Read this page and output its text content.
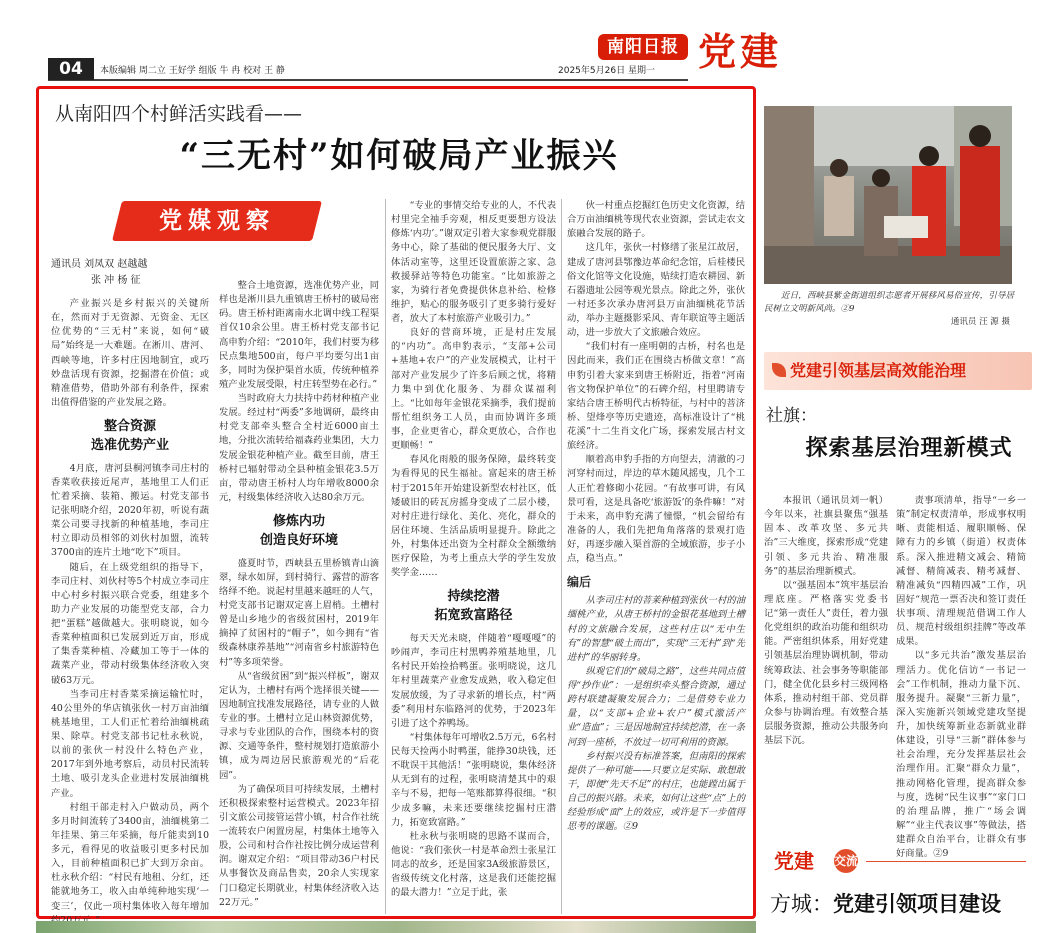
04	本版编辑 周二立 王好学 组版 牛 冉 校对 王 静	2025年5月26日 星期一
南阳日报 党建
从南阳四个村鲜活实践看——
“三无村”如何破局产业振兴
党媒观察
通讯员 刘凤双 赵越越
张 冲 杨 征

产业振兴是乡村振兴的关键所在，然而对于无资源、无资金、无区位优势的“三无村”来说，如何“破局”始终是一大难题。在淅川、唐河、西峡等地，许多村庄因地制宜，或巧妙盘活现有资源，挖掘潜在价值；或精准借势，借助外部有利条件，探索出值得借鉴的产业发展之路。

整合资源
选准优势产业

4月底，唐河县桐河镇李司庄村的香菜收获接近尾声，基地里工人们正忙着采摘、装箱、搬运。村党支部书记张明晓介绍，2020年初，听说有蔬菜公司要寻找新的种植基地，李司庄村立即动员相邻的刘伙村加盟，流转3700亩的连片土地“吃下”项目。

随后，在上级党组织的指导下，李司庄村、刘伙村等5个村成立李司庄中心村乡村振兴联合党委，组建多个助力产业发展的功能型党支部，合力把“蛋糕”越做越大。张明晓说，如今香菜种植面积已发展到近万亩，形成了集香菜种植、冷藏加工等于一体的蔬菜产业，带动村级集体经济收入突破63万元。

当李司庄村香菜采摘运输忙时，40公里外的华店镇张伙一村万亩油缅桃基地里，工人们正忙着给油缅桃疏果、除草。村党支部书记杜永秋说，以前的张伙一村没什么特色产业，2017年到外地考察后，动员村民流转土地、吸引龙头企业进村发展油缅桃产业。

村组干部走村入户做动员，两个多月时间流转了3400亩，油缅桃第二年挂果、第三年采摘，每斤能卖到10多元，看得见的收益吸引更多村民加入，目前种植面积已扩大到万余亩。杜永秋介绍：“村民有地租、分红，还能就地务工，收入由单纯种地实现‘一变三’，仅此一项村集体收入每年增加

整合土地资源，选准优势产业，同样也是淅川县九重镇唐王桥村的破局密码。唐王桥村距离南水北调中线工程渠首仅10余公里。唐王桥村党支部书记高申豹介绍：“2010年，我们村要为移民点集地500亩，每户平均要匀出1亩多，同时为保护渠首水质，传统种植养殖产业发展受限，村庄转型势在必行。”

当时政府大力扶持中药材种植产业发展。经过村“两委”多地调研，最终由村党支部牵头整合全村近6000亩土地，分批次流转给福森药业集团，大力发展金银花种植产业。截至目前，唐王桥村已辐射带动全县种植金银花3.5万亩，带动唐王桥村人均年增收8000余元，村级集体经济收入达80余万元。

修炼内功
创造良好环境

盛夏时节，西峡县五里桥镇青山滴翠，绿水如屏，到村骑行、露营的游客络绎不绝。说起村里越来越旺的人气，村党支部书记谢双定喜上眉梢。土槽村曾是山乡地少的省级贫困村，2019年摘掉了贫困村的“帽子”，如今拥有“省级森林康养基地”“河南省乡村旅游特色村”等多项荣誉。

从“省级贫困”到“振兴样板”，谢双定认为，土槽村有两个选择很关键——因地制宜找准发展路径，请专业的人做专业的事。土槽村立足山林资源优势，寻求与专业团队的合作，围绕本村的资源、交通等条件，整村规划打造旅游小镇，成为周边居民旅游观光的“后花园”。

为了确保项目可持续发展，土槽村还积极探索整村运营模式。2023年招引文旅公司接管运营小镇，村合作社统一流转农户闲置房屋，村集体土地等入股，公司和村合作社按比例分成运营利润。谢双定介绍：“项目带动36户村民从事餐饮及商品售卖，20余人实现家门口稳定长期就业，村集体经济收入达22万元。”

“专业的事情交给专业的人，不代表村里完全袖手旁观，相反更要想方设法修炼‘内功’。”谢双定引着大家参观党群服务中心，除了基础的便民服务大厅、文体活动室等，这里还设置旅游之家、急救援驿站等特色功能室。“比如旅游之家，为骑行者免费提供休息补给、检修维护，贴心的服务吸引了更多骑行爱好者，放大了本村旅游产业吸引力。”

良好的营商环境，正是村庄发展的“内功”。高申豹表示，“支部+公司+基地+农户”的产业发展模式，让村干部对产业发展少了许多后顾之忧，将精力集中到优化服务、为群众谋福利上。“比如每年金银花采摘季，我们提前帮忙组织务工人员，由而协调许多琐事，企业更省心，群众更放心，合作也更顺畅！”

春风化雨般的服务保障，最终转变为看得见的民生福祉。富起来的唐王桥村于2015年开始建设新型农村社区，低矮破旧的砖瓦房摇身变成了二层小楼，对村庄进行绿化、美化、亮化，群众的居住环境、生活品质明显提升。除此之外，村集体还出资为全村群众全额缴纳医疗保险，为考上重点大学的学生发放奖学金……

持续挖潜
拓宽致富路径

每天天光未晓，伴随着“嘎嘎嘎”的吵闹声，李司庄村黑鸭养殖基地里，几名村民开始捡拾鸭蛋。张明晓说，这几年村里蔬菜产业愈发成熟，收入稳定但发展放缓，为了寻求新的增长点，村“两委”利用村东临路河的优势，于2023年引进了这个养鸭场。

“村集体每年可增收2.5万元，6名村民每天捡两小时鸭蛋，能挣30块钱，还不耽误干其他活！”张明晓说，集体经济从无到有的过程，张明晓清楚其中的艰辛与不易，把每一笔账都算得很细。“积少成多嘛，未来还要继续挖掘村庄潜力，拓宽致富路。”

杜永秋与张明晓的思路不谋而合，他说：“我们张伙一村是革命烈士张星江同志的故乡，还是国家3A级旅游景区，省级传统文化村落，这是我们还能挖掘的最大潜力！”立足于此，张

伙一村重点挖掘红色历史文化资源，结合万亩油缅桃等现代农业资源，尝试走农文旅融合发展的路子。

这几年，张伙一村修缮了张星江故居，建成了唐河县鄂豫边革命纪念馆，后桂楼民俗文化馆等文化设施，贴续打造农耕园、新石器遗址公园等观光景点。除此之外，张伙一村还多次承办唐河县万亩油缅桃花节活动，举办主题摄影采风、青年联谊等主题活动，进一步放大了文旅融合效应。

“我们村有一座明朝的古桥，村名也是因此而来，我们正在围绕古桥做文章！”高申豹引着大家来到唐王桥附近，指着“河南省文物保护单位”的石碑介绍，村里聘请专家结合唐王桥明代古桥特征，与村中的菩济桥、望烽亭等历史遗迹，高标准设计了“桃花溪”十二生肖文化广场，探索发展古村文旅经济。

顺着高申豹手指的方向望去，清澈的刁河穿村而过，岸边的草木随风摇曳，几个工人正忙着修砌小花园。“有故事可讲，有风景可看，这是具备吃‘旅游饭’的条件嘛！”对于未来，高申豹充满了憧憬，“机会留给有准备的人，我们先把角角落落的景观打造好，再逐步融入渠首游的全域旅游，步子小点，稳当点。”

编后

从李司庄村的菩莱种植到张伙一村的油缅桃产业，从唐王桥村的金银花基地到土槽村的文旅融合发展，这些村庄以“无中生有”的智慧“破土而出”，实现“三无村”到“先进村”的华丽转身。

纵观它们的“破局之路”，这些共同点值得“抄作业”：一是组织牵头整合资源，通过跨村联建凝聚发展合力；二是借势专业力量，以“支部+企业+农户”模式激活产业“造血”；三是因地制宜持续挖潜，在一条河到一座桥，不放过一切可利用的资源。

乡村振兴没有标准答案，但南阳的探索提供了一种可能——只要立足实际、敢想敢干，即便“先天不足”的村庄，也能蹚出属于自己的振兴路。未来，如何让这些“点”上的经验形成“面”上的效应，或许是下一步值得思考的课题。②9

近日，西峡县紫金街道组织志愿者开展移风易俗宣传，引导居民树立文明新风尚。②9

通讯员 汪 源 摄
党建引领基层高效能治理
社旗：
探索基层治理新模式

本报讯（通讯员刘一帆）今年以来，社旗县聚焦“强基固本、改革攻坚、多元共治”三大维度，探索形成“党建引领、多元共治、精准服务”的基层治理新模式。

以“强基固本”筑牢基层治理底座。严格落实党委书记“第一责任人”责任，着力强化党组织的政治功能和组织功能。严密组织体系，用好党建引领基层治理协调机制，带动统筹政法、社会事务等职能部门，健全优化县乡村三级网格体系，推动村组干部、党员群众参与协调治理。有效整合基层服务资源，推动公共服务向基层下沉。

责事项清单，指导“一乡一策”制定权责清单，形成事权明晰、责能相适、履职顺畅、保障有力的乡镇（街道）权责体系。深入推进精文减会、精简减督、精简减表、精考减督、精准减负“四精四减”工作，巩固好“规范一票否决和签订责任状事项、清理规范借调工作人员、规范村级组织挂牌”等改革成果。

以“多元共治”激发基层治理活力。优化信访“一书记一会”工作机制，推动力量下沉、服务提升。凝聚“三新力量”，深入实施新兴领域党建攻坚提升，加快统筹新业态新就业群体建设，引导“三新”群体参与社会治理，充分发挥基层社会治理作用。汇聚“群众力量”，推动网格化管理，提高群众参与度，选树“民生议事”“家门口的治理品牌，推广“场会调解”“业主代表议事”等做法，搭建群众自治平台，让群众有事好商量。②9

党建 交流
方城：党建引领项目建设
